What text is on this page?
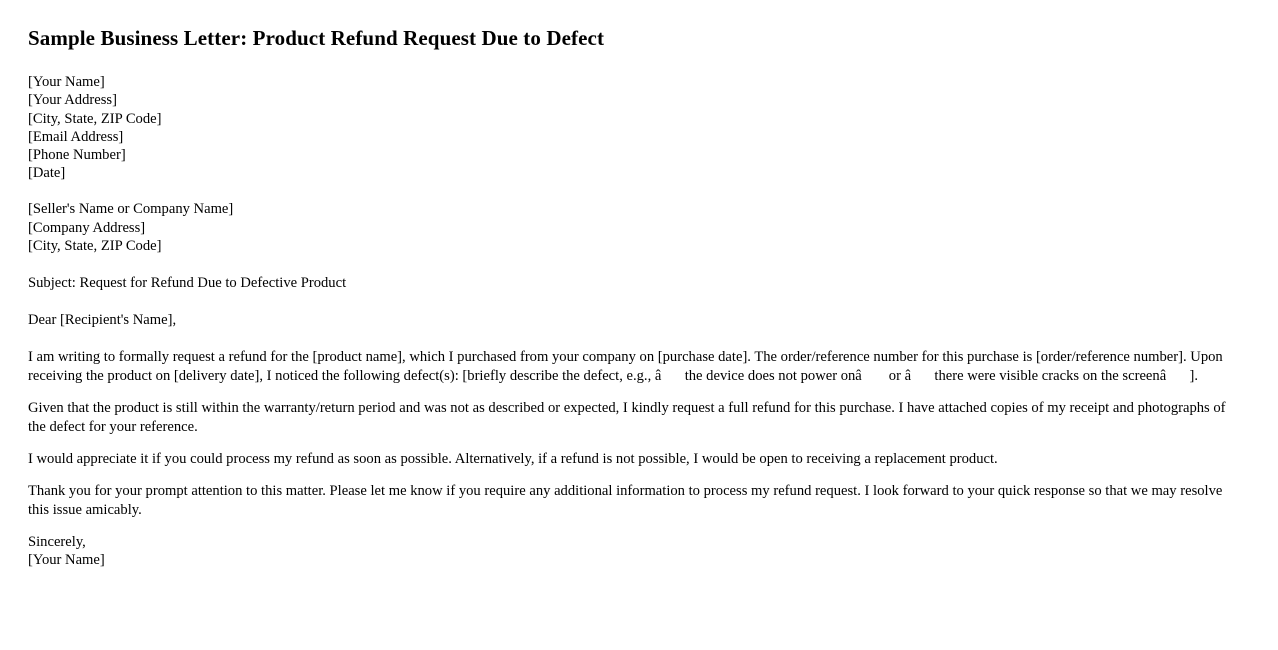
Sample Business Letter: Product Refund Request Due to Defect
[Your Name]
[Your Address]
[City, State, ZIP Code]
[Email Address]
[Phone Number]
[Date]
[Seller's Name or Company Name]
[Company Address]
[City, State, ZIP Code]
Subject: Request for Refund Due to Defective Product
Dear [Recipient's Name],

I am writing to formally request a refund for the [product name], which I purchased from your company on [purchase date]. The order/reference number for this purchase is [order/reference number]. Upon receiving the product on [delivery date], I noticed the following defect(s): [briefly describe the defect, e.g., âthe device does not power onâ or âthere were visible cracks on the screenâ].

Given that the product is still within the warranty/return period and was not as described or expected, I kindly request a full refund for this purchase. I have attached copies of my receipt and photographs of the defect for your reference.

I would appreciate it if you could process my refund as soon as possible. Alternatively, if a refund is not possible, I would be open to receiving a replacement product.

Thank you for your prompt attention to this matter. Please let me know if you require any additional information to process my refund request. I look forward to your quick response so that we may resolve this issue amicably.

Sincerely,
[Your Name]
